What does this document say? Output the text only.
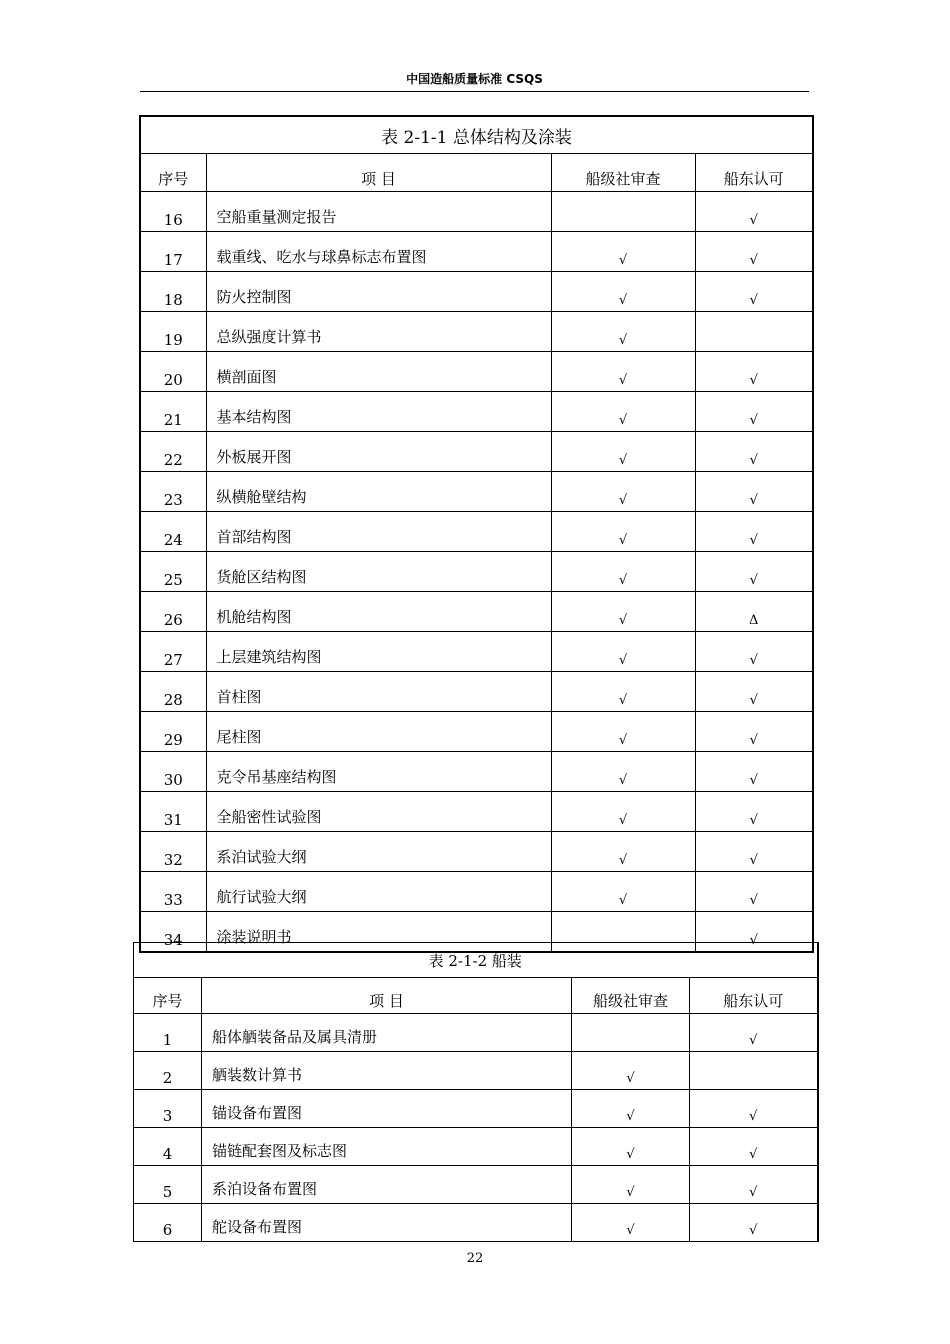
中国造船质量标准 CSQS
表 2-1-1 总体结构及涂装			
序号	项 目	船级社审查	船东认可
16	空船重量测定报告		√
17	载重线、吃水与球鼻标志布置图	√	√
18	防火控制图	√	√
19	总纵强度计算书	√	
20	横剖面图	√	√
21	基本结构图	√	√
22	外板展开图	√	√
23	纵横舱壁结构	√	√
24	首部结构图	√	√
25	货舱区结构图	√	√
26	机舱结构图	√	Δ
27	上层建筑结构图	√	√
28	首柱图	√	√
29	尾柱图	√	√
30	克令吊基座结构图	√	√
31	全船密性试验图	√	√
32	系泊试验大纲	√	√
33	航行试验大纲	√	√
34	涂装说明书		√
表 2-1-2 船装			
序号	项 目	船级社审查	船东认可
1	船体舾装备品及属具清册		√
2	舾装数计算书	√	
3	锚设备布置图	√	√
4	锚链配套图及标志图	√	√
5	系泊设备布置图	√	√
6	舵设备布置图	√	√
22
